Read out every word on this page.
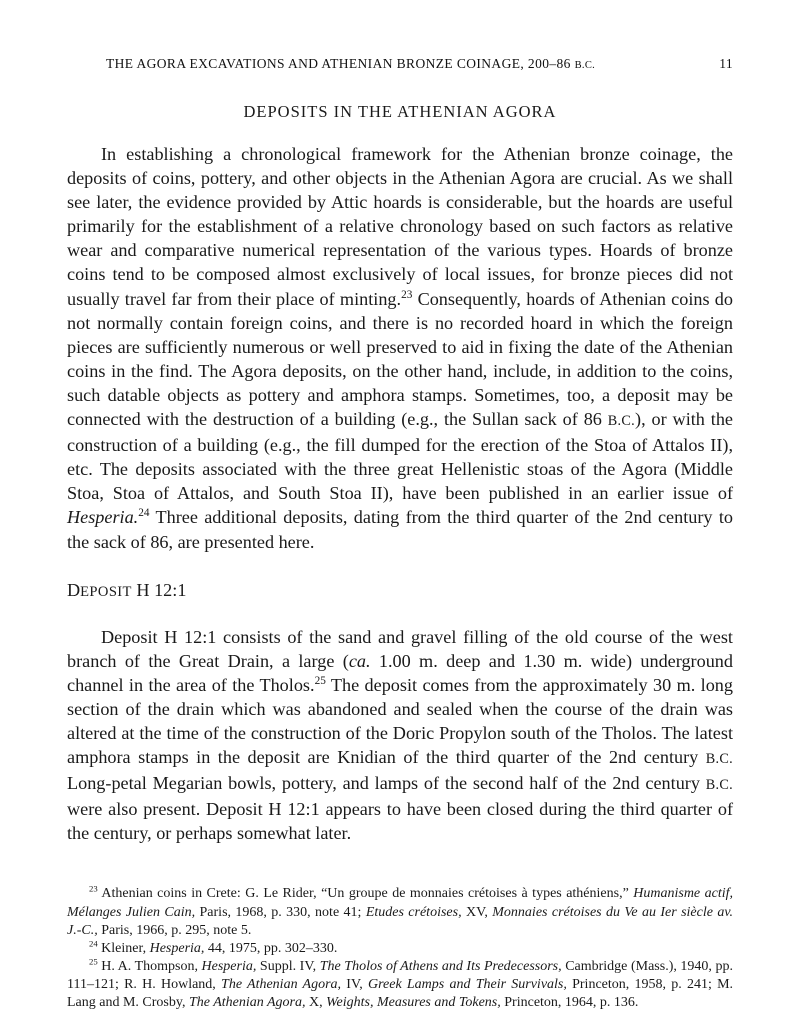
THE AGORA EXCAVATIONS AND ATHENIAN BRONZE COINAGE, 200–86 B.C.	11
DEPOSITS IN THE ATHENIAN AGORA

In establishing a chronological framework for the Athenian bronze coinage, the deposits of coins, pottery, and other objects in the Athenian Agora are crucial. As we shall see later, the evidence provided by Attic hoards is considerable, but the hoards are useful primarily for the establishment of a relative chronology based on such factors as relative wear and comparative numerical representation of the various types. Hoards of bronze coins tend to be composed almost exclusively of local issues, for bronze pieces did not usually travel far from their place of minting.$^{23}$ Consequently, hoards of Athenian coins do not normally contain foreign coins, and there is no recorded hoard in which the foreign pieces are sufficiently numerous or well preserved to aid in fixing the date of the Athenian coins in the find. The Agora deposits, on the other hand, include, in addition to the coins, such datable objects as pottery and amphora stamps. Sometimes, too, a deposit may be connected with the destruction of a building (e.g., the Sullan sack of 86 B.C.), or with the construction of a building (e.g., the fill dumped for the erection of the Stoa of Attalos II), etc. The deposits associated with the three great Hellenistic stoas of the Agora (Middle Stoa, Stoa of Attalos, and South Stoa II), have been published in an earlier issue of Hesperia.$^{24}$ Three additional deposits, dating from the third quarter of the 2nd century to the sack of 86, are presented here.

DEPOSIT H 12:1

Deposit H 12:1 consists of the sand and gravel filling of the old course of the west branch of the Great Drain, a large (ca. 1.00 m. deep and 1.30 m. wide) underground channel in the area of the Tholos.$^{25}$ The deposit comes from the approximately 30 m. long section of the drain which was abandoned and sealed when the course of the drain was altered at the time of the construction of the Doric Propylon south of the Tholos. The latest amphora stamps in the deposit are Knidian of the third quarter of the 2nd century B.C. Long-petal Megarian bowls, pottery, and lamps of the second half of the 2nd century B.C. were also present. Deposit H 12:1 appears to have been closed during the third quarter of the century, or perhaps somewhat later.

$^{23}$ Athenian coins in Crete: G. Le Rider, “Un groupe de monnaies crétoises à types athéniens,” Humanisme actif, Mélanges Julien Cain, Paris, 1968, p. 330, note 41; Etudes crétoises, XV, Monnaies crétoises du Ve au Ier siècle av. J.-C., Paris, 1966, p. 295, note 5.

$^{24}$ Kleiner, Hesperia, 44, 1975, pp. 302–330.

$^{25}$ H. A. Thompson, Hesperia, Suppl. IV, The Tholos of Athens and Its Predecessors, Cambridge (Mass.), 1940, pp. 111–121; R. H. Howland, The Athenian Agora, IV, Greek Lamps and Their Survivals, Princeton, 1958, p. 241; M. Lang and M. Crosby, The Athenian Agora, X, Weights, Measures and Tokens, Princeton, 1964, p. 136.
